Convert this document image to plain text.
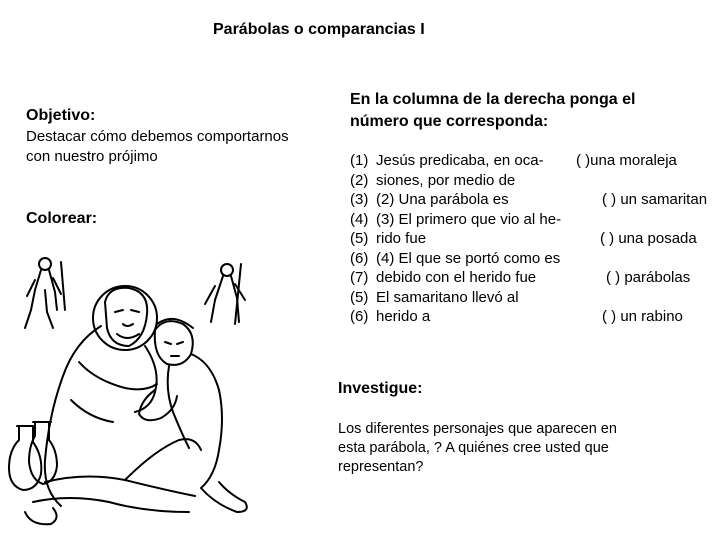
Parábolas o comparancias I
Objetivo:
Destacar cómo debemos comportarnos
con nuestro prójimo
Colorear:
En la columna de la derecha ponga el
número que corresponda:
(1) Jesús predicaba, en oca-
(2) siones, por medio de
(3) (2) Una parábola es
(4) (3) El primero que vio al he-
(5) rido fue
(6) (4) El que se portó como es
(7) debido con el herido fue
(5) El samaritano llevó al
(6) herido a
( )una moraleja
( ) un samaritan
( ) una posada
( ) parábolas
( ) un rabino
Investigue:
Los diferentes personajes que aparecen en
esta parábola, ? A quiénes cree usted que
representan?
